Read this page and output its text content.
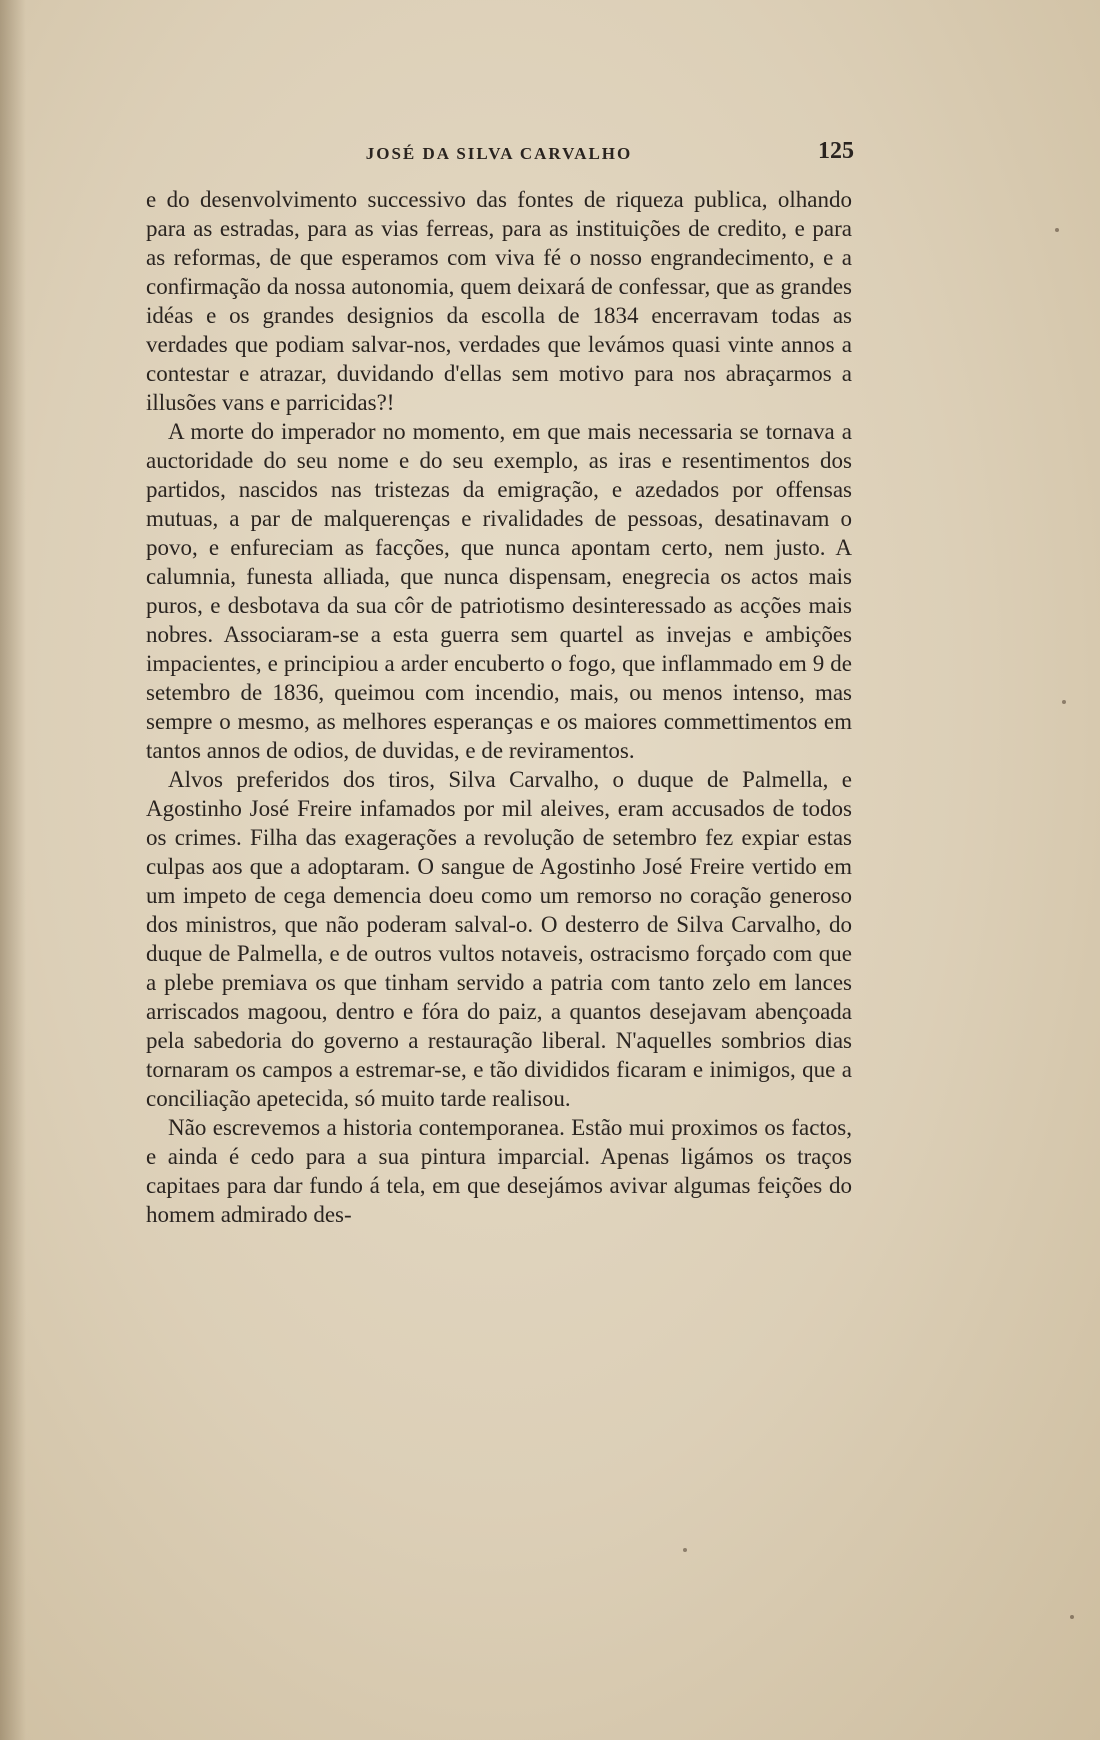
JOSÉ DA SILVA CARVALHO	125

e do desenvolvimento successivo das fontes de riqueza publica, olhando para as estradas, para as vias ferreas, para as instituições de credito, e para as reformas, de que esperamos com viva fé o nosso engrandecimento, e a confirmação da nossa autonomia, quem deixará de confessar, que as grandes idéas e os grandes designios da escolla de 1834 encerravam todas as verdades que podiam salvar-nos, verdades que levámos quasi vinte annos a contestar e atrazar, duvidando d'ellas sem motivo para nos abraçarmos a illusões vans e parricidas?!

A morte do imperador no momento, em que mais necessaria se tornava a auctoridade do seu nome e do seu exemplo, as iras e resentimentos dos partidos, nascidos nas tristezas da emigração, e azedados por offensas mutuas, a par de malquerenças e rivalidades de pessoas, desatinavam o povo, e enfureciam as facções, que nunca apontam certo, nem justo. A calumnia, funesta alliada, que nunca dispensam, enegrecia os actos mais puros, e desbotava da sua côr de patriotismo desinteressado as acções mais nobres. Associaram-se a esta guerra sem quartel as invejas e ambições impacientes, e principiou a arder encuberto o fogo, que inflammado em 9 de setembro de 1836, queimou com incendio, mais, ou menos intenso, mas sempre o mesmo, as melhores esperanças e os maiores commettimentos em tantos annos de odios, de duvidas, e de reviramentos.

Alvos preferidos dos tiros, Silva Carvalho, o duque de Palmella, e Agostinho José Freire infamados por mil aleives, eram accusados de todos os crimes. Filha das exagerações a revolução de setembro fez expiar estas culpas aos que a adoptaram. O sangue de Agostinho José Freire vertido em um impeto de cega demencia doeu como um remorso no coração generoso dos ministros, que não poderam salval-o. O desterro de Silva Carvalho, do duque de Palmella, e de outros vultos notaveis, ostracismo forçado com que a plebe premiava os que tinham servido a patria com tanto zelo em lances arriscados magoou, dentro e fóra do paiz, a quantos desejavam abençoada pela sabedoria do governo a restauração liberal. N'aquelles sombrios dias tornaram os campos a estremar-se, e tão divididos ficaram e inimigos, que a conciliação apetecida, só muito tarde realisou.

Não escrevemos a historia contemporanea. Estão mui proximos os factos, e ainda é cedo para a sua pintura imparcial. Apenas ligámos os traços capitaes para dar fundo á tela, em que desejámos avivar algumas feições do homem admirado des-
